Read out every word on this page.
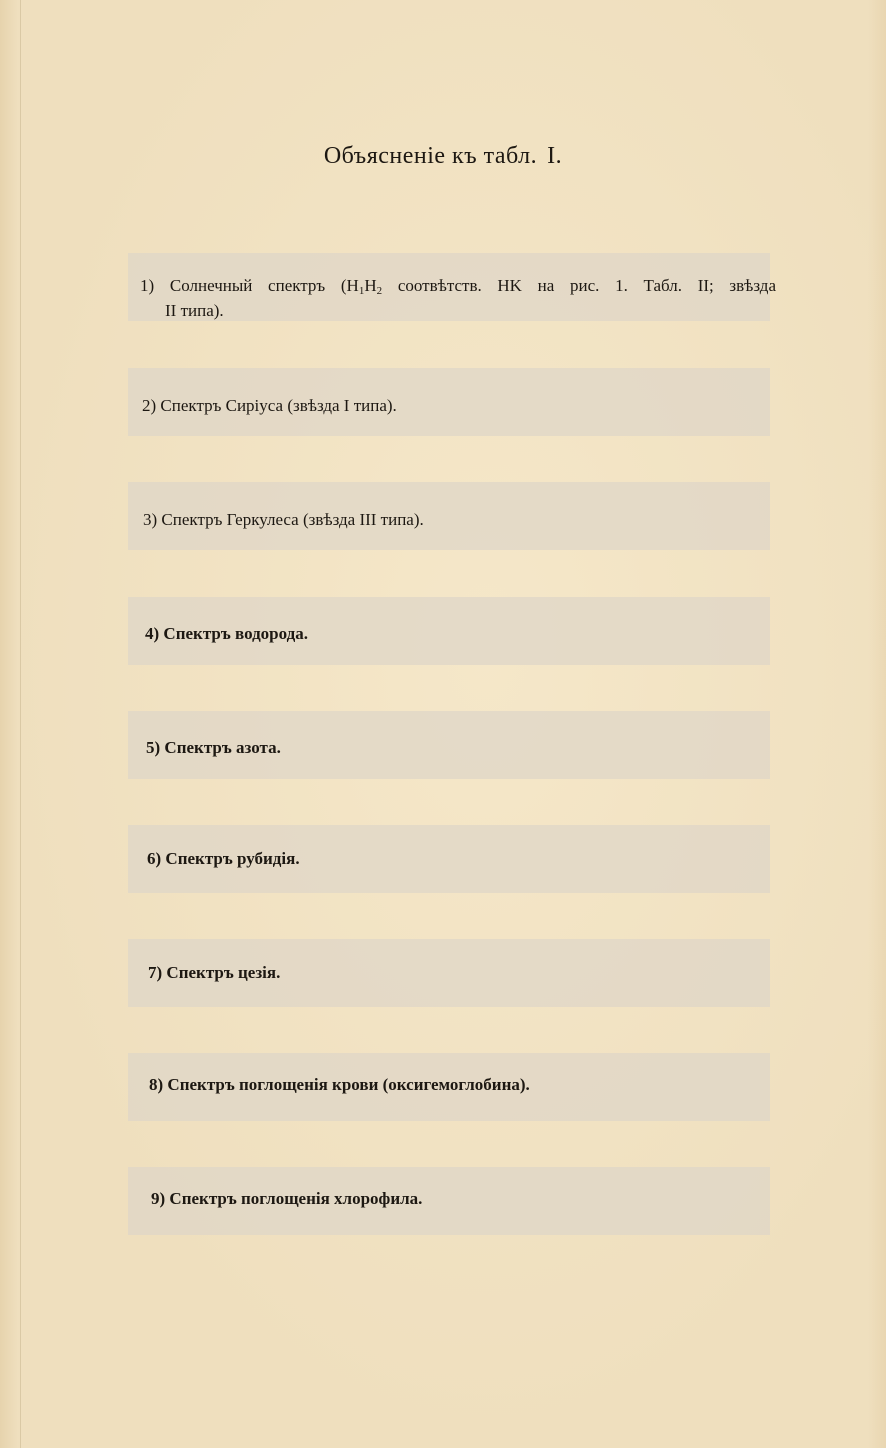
Объясненіе къ табл. I.
1) Солнечный спектръ ($H_1H_2$ соотвѣтств. HK на рис. 1. Табл. II; звѣзда
II типа).
2) Спектръ Сиріуса (звѣзда I типа).
3) Спектръ Геркулеса (звѣзда III типа).
4) Спектръ водорода.
5) Спектръ азота.
6) Спектръ рубидія.
7) Спектръ цезія.
8) Спектръ поглощенія крови (оксигемоглобина).
9) Спектръ поглощенія хлорофила.
